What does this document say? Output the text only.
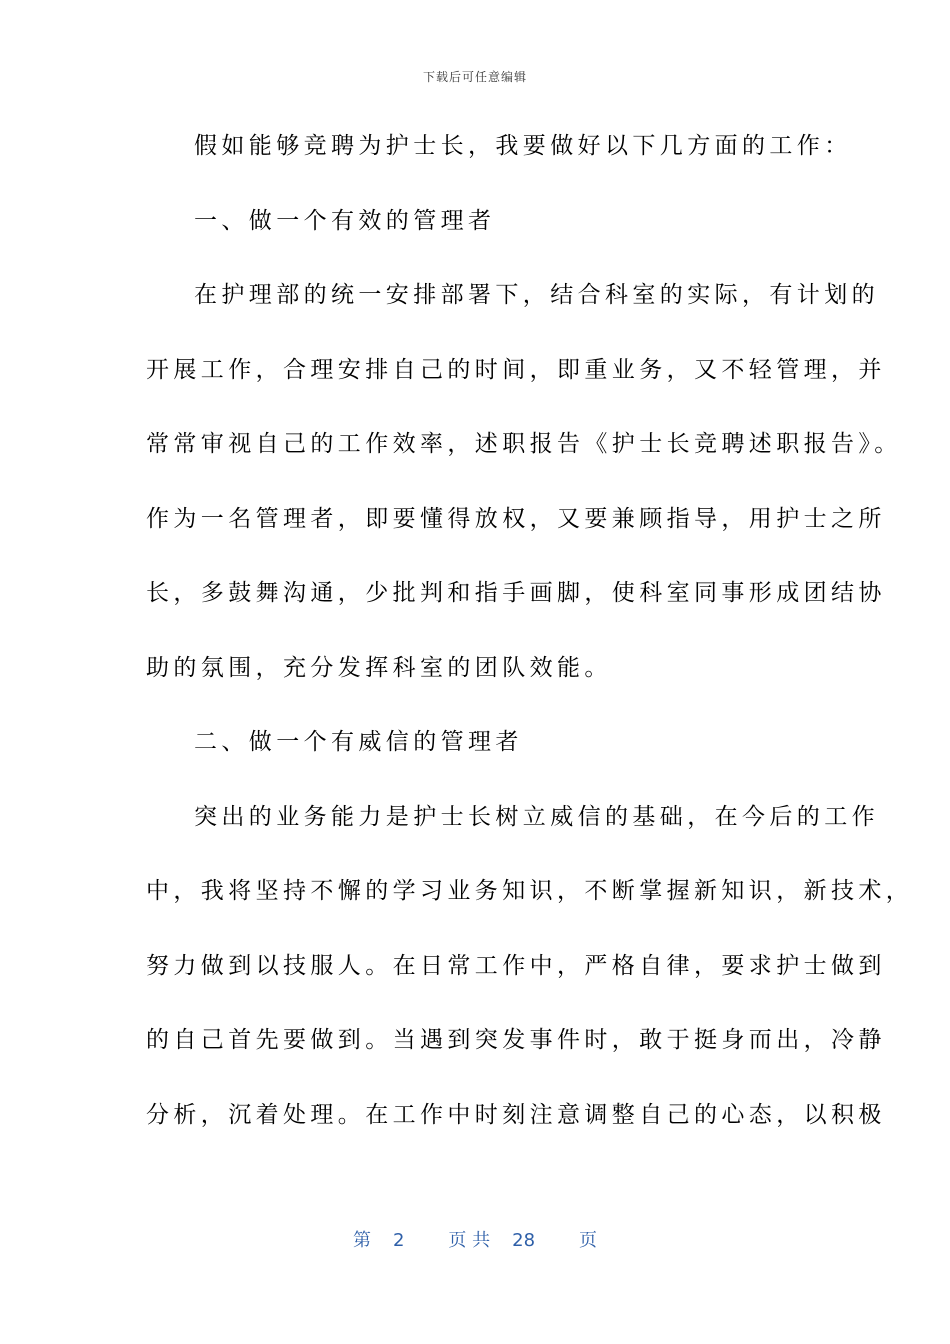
下载后可任意编辑
假如能够竞聘为护士长，我要做好以下几方面的工作：
一、做一个有效的管理者
在护理部的统一安排部署下，结合科室的实际，有计划的
开展工作，合理安排自己的时间，即重业务，又不轻管理，并
常常审视自己的工作效率，述职报告《护士长竞聘述职报告》。
作为一名管理者，即要懂得放权，又要兼顾指导，用护士之所
长，多鼓舞沟通，少批判和指手画脚，使科室同事形成团结协
助的氛围，充分发挥科室的团队效能。
二、做一个有威信的管理者
突出的业务能力是护士长树立威信的基础，在今后的工作
中，我将坚持不懈的学习业务知识，不断掌握新知识，新技术，
努力做到以技服人。在日常工作中，严格自律，要求护士做到
的自己首先要做到。当遇到突发事件时，敢于挺身而出，冷静
分析，沉着处理。在工作中时刻注意调整自己的心态，以积极
第 2 页 共 28 页
